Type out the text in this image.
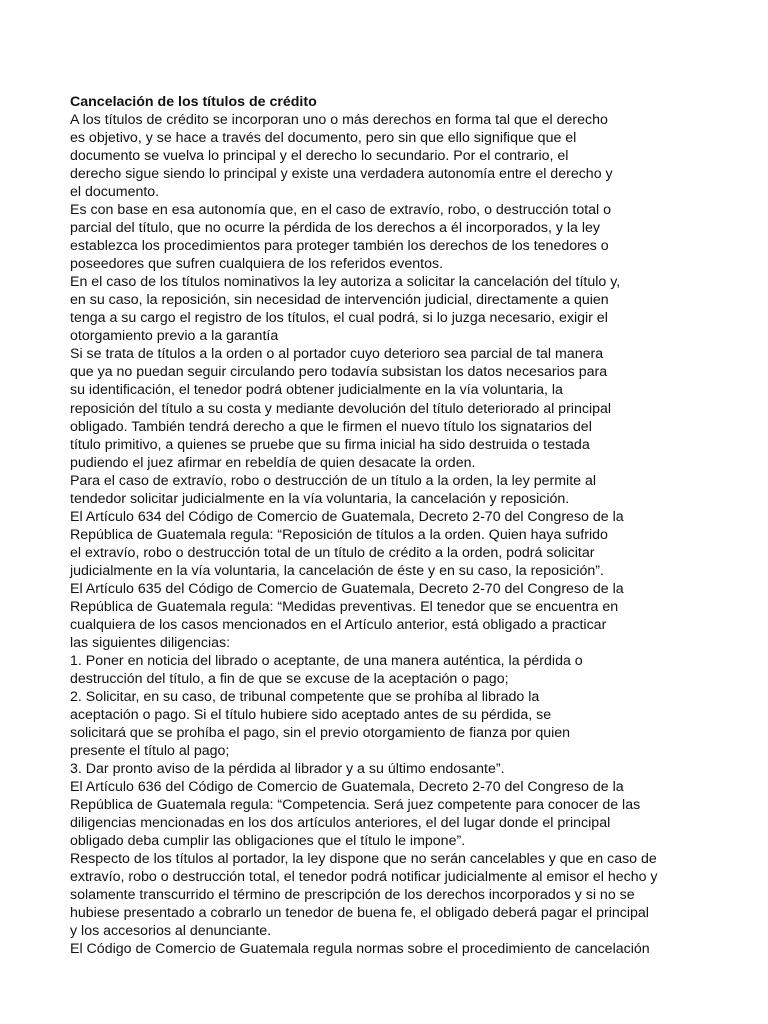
Cancelación de los títulos de crédito
A los títulos de crédito se incorporan uno o más derechos en forma tal que el derecho
es objetivo, y se hace a través del documento, pero sin que ello signifique que el
documento se vuelva lo principal y el derecho lo secundario. Por el contrario, el
derecho sigue siendo lo principal y existe una verdadera autonomía entre el derecho y
el documento.
Es con base en esa autonomía que, en el caso de extravío, robo, o destrucción total o
parcial del título, que no ocurre la pérdida de los derechos a él incorporados, y la ley
establezca los procedimientos para proteger también los derechos de los tenedores o
poseedores que sufren cualquiera de los referidos eventos.
En el caso de los títulos nominativos la ley autoriza a solicitar la cancelación del título y,
en su caso, la reposición, sin necesidad de intervención judicial, directamente a quien
tenga a su cargo el registro de los títulos, el cual podrá, si lo juzga necesario, exigir el
otorgamiento previo a la garantía
Si se trata de títulos a la orden o al portador cuyo deterioro sea parcial de tal manera
que ya no puedan seguir circulando pero todavía subsistan los datos necesarios para
su identificación, el tenedor podrá obtener judicialmente en la vía voluntaria, la
reposición del título a su costa y mediante devolución del título deteriorado al principal
obligado. También tendrá derecho a que le firmen el nuevo título los signatarios del
título primitivo, a quienes se pruebe que su firma inicial ha sido destruida o testada
pudiendo el juez afirmar en rebeldía de quien desacate la orden.
Para el caso de extravío, robo o destrucción de un título a la orden, la ley permite al
tendedor solicitar judicialmente en la vía voluntaria, la cancelación y reposición.
El Artículo 634 del Código de Comercio de Guatemala, Decreto 2-70 del Congreso de la
República de Guatemala regula: “Reposición de títulos a la orden. Quien haya sufrido
el extravío, robo o destrucción total de un título de crédito a la orden, podrá solicitar
judicialmente en la vía voluntaria, la cancelación de éste y en su caso, la reposición”.
El Artículo 635 del Código de Comercio de Guatemala, Decreto 2-70 del Congreso de la
República de Guatemala regula: “Medidas preventivas. El tenedor que se encuentra en
cualquiera de los casos mencionados en el Artículo anterior, está obligado a practicar
las siguientes diligencias:
1. Poner en noticia del librado o aceptante, de una manera auténtica, la pérdida o
destrucción del título, a fin de que se excuse de la aceptación o pago;
2. Solicitar, en su caso, de tribunal competente que se prohíba al librado la
aceptación o pago. Si el título hubiere sido aceptado antes de su pérdida, se
solicitará que se prohíba el pago, sin el previo otorgamiento de fianza por quien
presente el título al pago;
3. Dar pronto aviso de la pérdida al librador y a su último endosante”.
El Artículo 636 del Código de Comercio de Guatemala, Decreto 2-70 del Congreso de la
República de Guatemala regula: “Competencia. Será juez competente para conocer de las
diligencias mencionadas en los dos artículos anteriores, el del lugar donde el principal
obligado deba cumplir las obligaciones que el título le impone”.
Respecto de los títulos al portador, la ley dispone que no serán cancelables y que en caso de
extravío, robo o destrucción total, el tenedor podrá notificar judicialmente al emisor el hecho y
solamente transcurrido el término de prescripción de los derechos incorporados y si no se
hubiese presentado a cobrarlo un tenedor de buena fe, el obligado deberá pagar el principal
y los accesorios al denunciante.
El Código de Comercio de Guatemala regula normas sobre el procedimiento de cancelación
